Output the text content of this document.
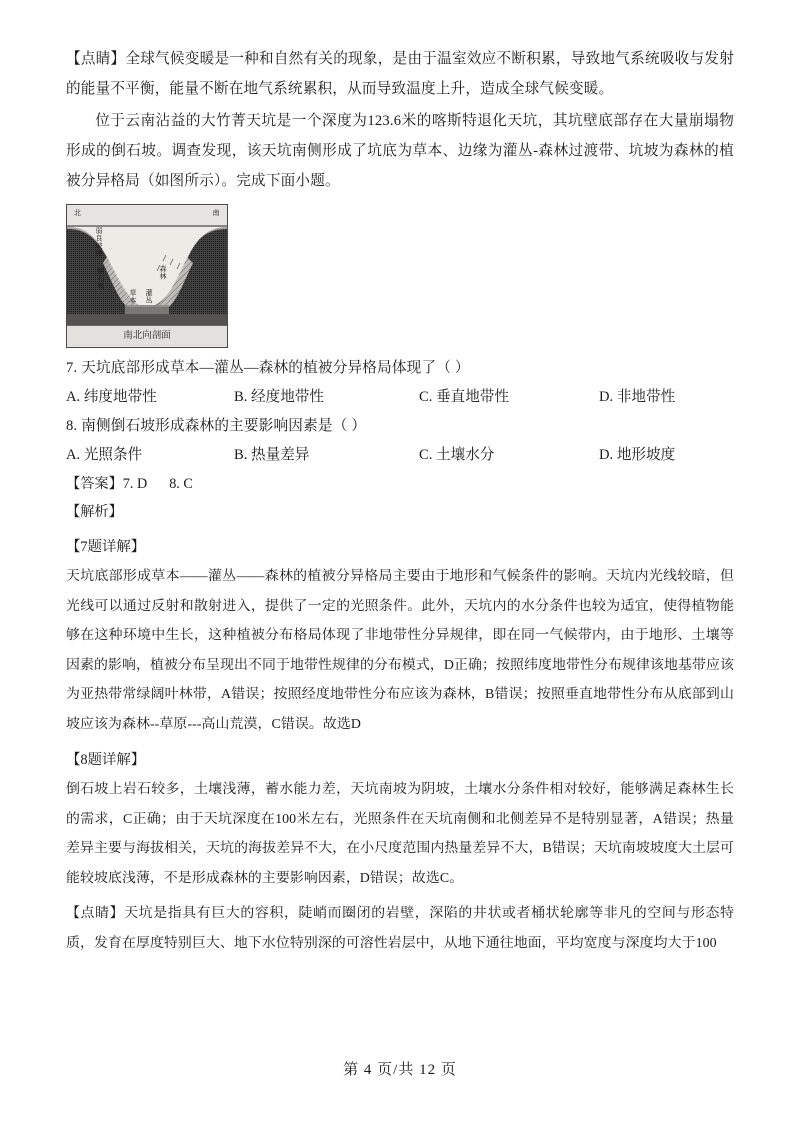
【点睛】全球气候变暖是一种和自然有关的现象，是由于温室效应不断积累，导致地气系统吸收与发射的能量不平衡，能量不断在地气系统累积，从而导致温度上升，造成全球气候变暖。

位于云南沾益的大竹菁天坑是一个深度为123.6米的喀斯特退化天坑，其坑壁底部存在大量崩塌物形成的倒石坡。调查发现，该天坑南侧形成了坑底为草本、边缘为灌丛-森林过渡带、坑坡为森林的植被分异格局（如图所示）。完成下面小题。

北	南
弱良坡缘
倒石坡	森林
草本 灌丛
南北向剖面

7. 天坑底部形成草本—灌丛—森林的植被分异格局体现了（ ）

A. 纬度地带性	B. 经度地带性	C. 垂直地带性	D. 非地带性

8. 南侧倒石坡形成森林的主要影响因素是（ ）

A. 光照条件	B. 热量差异	C. 土壤水分	D. 地形坡度

【答案】7. D 8. C

【解析】

【7题详解】

天坑底部形成草本——灌丛——森林的植被分异格局主要由于地形和气候条件的影响。天坑内光线较暗，但光线可以通过反射和散射进入，提供了一定的光照条件。此外，天坑内的水分条件也较为适宜，使得植物能够在这种环境中生长，这种植被分布格局体现了非地带性分异规律，即在同一气候带内，由于地形、土壤等因素的影响，植被分布呈现出不同于地带性规律的分布模式，D正确；按照纬度地带性分布规律该地基带应该为亚热带常绿阔叶林带，A错误；按照经度地带性分布应该为森林，B错误；按照垂直地带性分布从底部到山坡应该为森林--草原---高山荒漠，C错误。故选D

【8题详解】

倒石坡上岩石较多，土壤浅薄，蓄水能力差，天坑南坡为阴坡，土壤水分条件相对较好，能够满足森林生长的需求，C正确；由于天坑深度在100米左右，光照条件在天坑南侧和北侧差异不是特别显著，A错误；热量差异主要与海拔相关，天坑的海拔差异不大，在小尺度范围内热量差异不大，B错误；天坑南坡坡度大土层可能较坡底浅薄，不是形成森林的主要影响因素，D错误；故选C。

【点睛】天坑是指具有巨大的容积，陡峭而圈闭的岩壁，深陷的井状或者桶状轮廓等非凡的空间与形态特质，发育在厚度特别巨大、地下水位特别深的可溶性岩层中，从地下通往地面，平均宽度与深度均大于100

第 4 页/共 12 页
